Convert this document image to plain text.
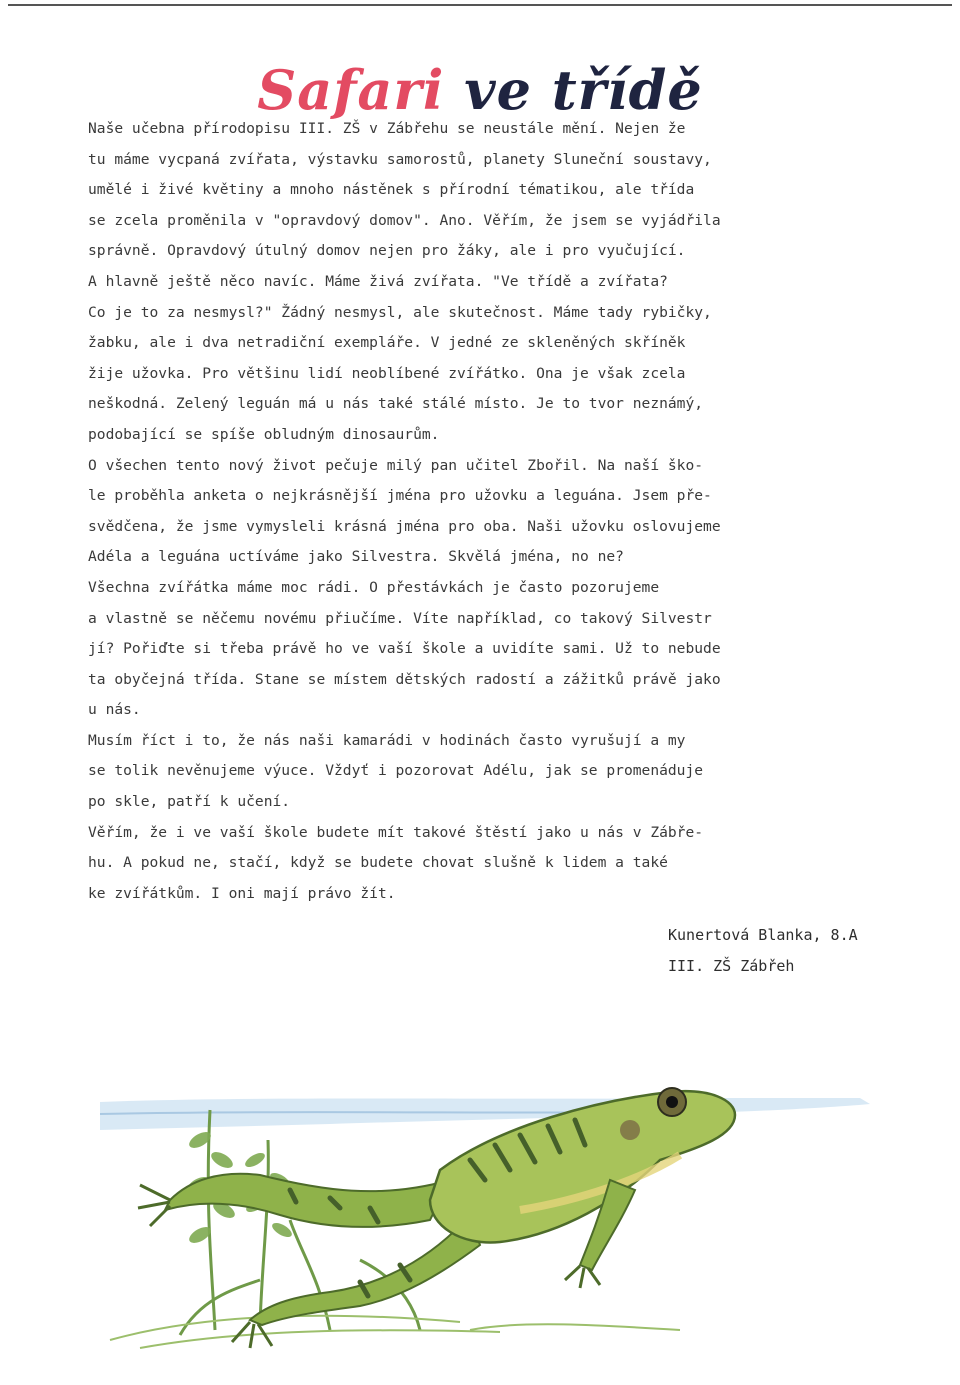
Safari ve třídě

Naše učebna přírodopisu III. ZŠ v Zábřehu se neustále mění. Nejen že
tu máme vycpaná zvířata, výstavku samorostů, planety Sluneční soustavy,
umělé i živé květiny a mnoho nástěnek s přírodní tématikou, ale třída
se zcela proměnila v "opravdový domov". Ano. Věřím, že jsem se vyjádřila
správně. Opravdový útulný domov nejen pro žáky, ale i pro vyučující.

A hlavně ještě něco navíc. Máme živá zvířata. "Ve třídě a zvířata?
Co je to za nesmysl?" Žádný nesmysl, ale skutečnost. Máme tady rybičky,
žabku, ale i dva netradiční exempláře. V jedné ze skleněných skříněk
žije užovka. Pro většinu lidí neoblíbené zvířátko. Ona je však zcela
neškodná. Zelený leguán má u nás také stálé místo. Je to tvor neznámý,
podobající se spíše obludným dinosaurům.

O všechen tento nový život pečuje milý pan učitel Zbořil. Na naší ško-
le proběhla anketa o nejkrásnější jména pro užovku a leguána. Jsem pře-
svědčena, že jsme vymysleli krásná jména pro oba. Naši užovku oslovujeme
Adéla a leguána uctíváme jako Silvestra. Skvělá jména, no ne?

Všechna zvířátka máme moc rádi. O přestávkách je často pozorujeme
a vlastně se něčemu novému přiučíme. Víte například, co takový Silvestr
jí? Pořiďte si třeba právě ho ve vaší škole a uvidíte sami. Už to nebude
ta obyčejná třída. Stane se místem dětských radostí a zážitků právě jako
u nás.

Musím říct i to, že nás naši kamarádi v hodinách často vyrušují a my
se tolik nevěnujeme výuce. Vždyť i pozorovat Adélu, jak se promenáduje
po skle, patří k učení.

Věřím, že i ve vaší škole budete mít takové štěstí jako u nás v Zábře-
hu. A pokud ne, stačí, když se budete chovat slušně k lidem a také
ke zvířátkům. I oni mají právo žít.

Kunertová Blanka, 8.A
III. ZŠ Zábřeh
